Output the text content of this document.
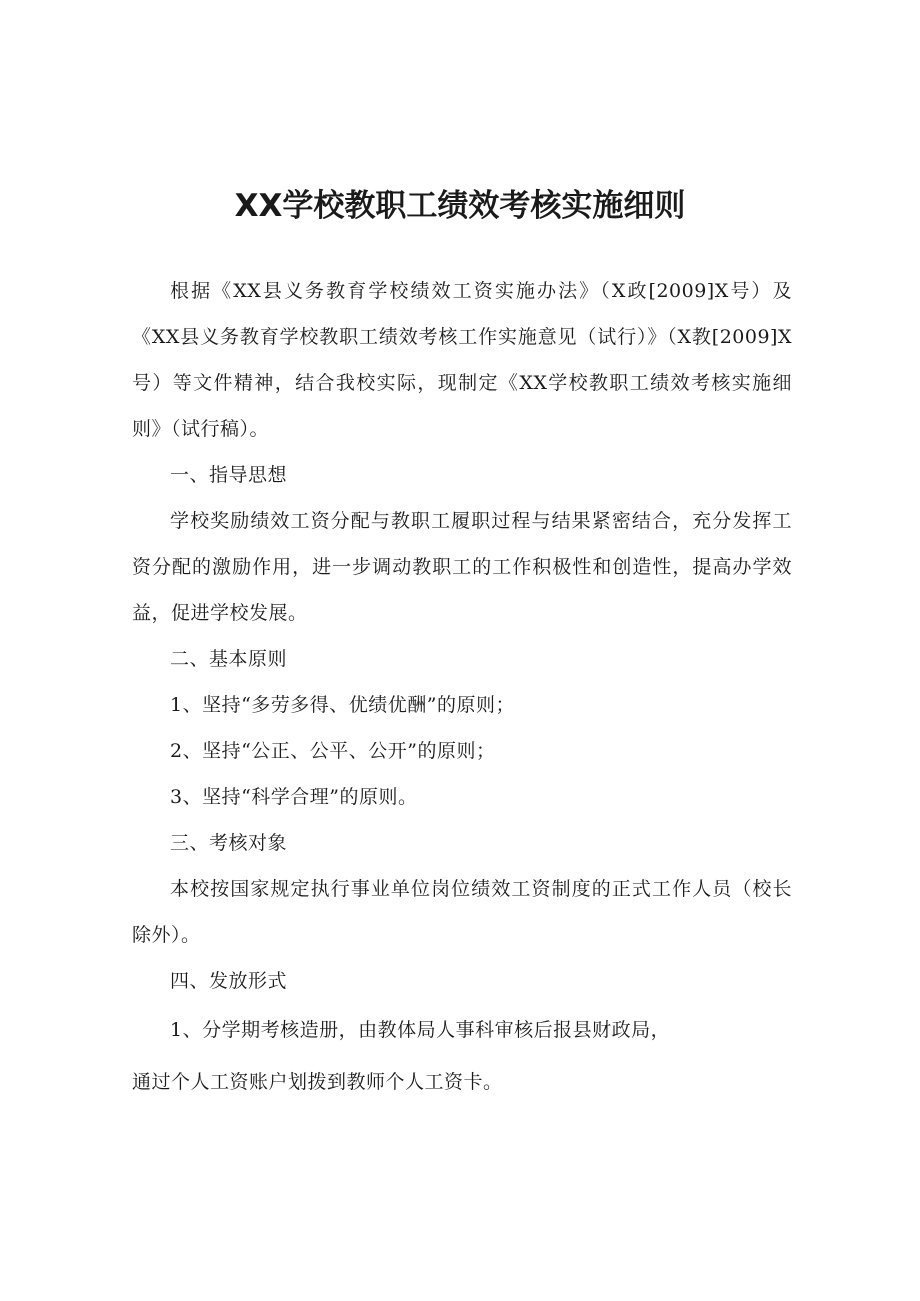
XX学校教职工绩效考核实施细则

根据《XX县义务教育学校绩效工资实施办法》（X政[2009]X号）及《XX县义务教育学校教职工绩效考核工作实施意见（试行）》（X教[2009]X号）等文件精神，结合我校实际，现制定《XX学校教职工绩效考核实施细则》（试行稿）。

一、指导思想

学校奖励绩效工资分配与教职工履职过程与结果紧密结合，充分发挥工资分配的激励作用，进一步调动教职工的工作积极性和创造性，提高办学效益，促进学校发展。

二、基本原则

1、坚持“多劳多得、优绩优酬”的原则；

2、坚持“公正、公平、公开”的原则；

3、坚持“科学合理”的原则。

三、考核对象

本校按国家规定执行事业单位岗位绩效工资制度的正式工作人员（校长除外）。

四、发放形式

1、分学期考核造册，由教体局人事科审核后报县财政局，

通过个人工资账户划拨到教师个人工资卡。
